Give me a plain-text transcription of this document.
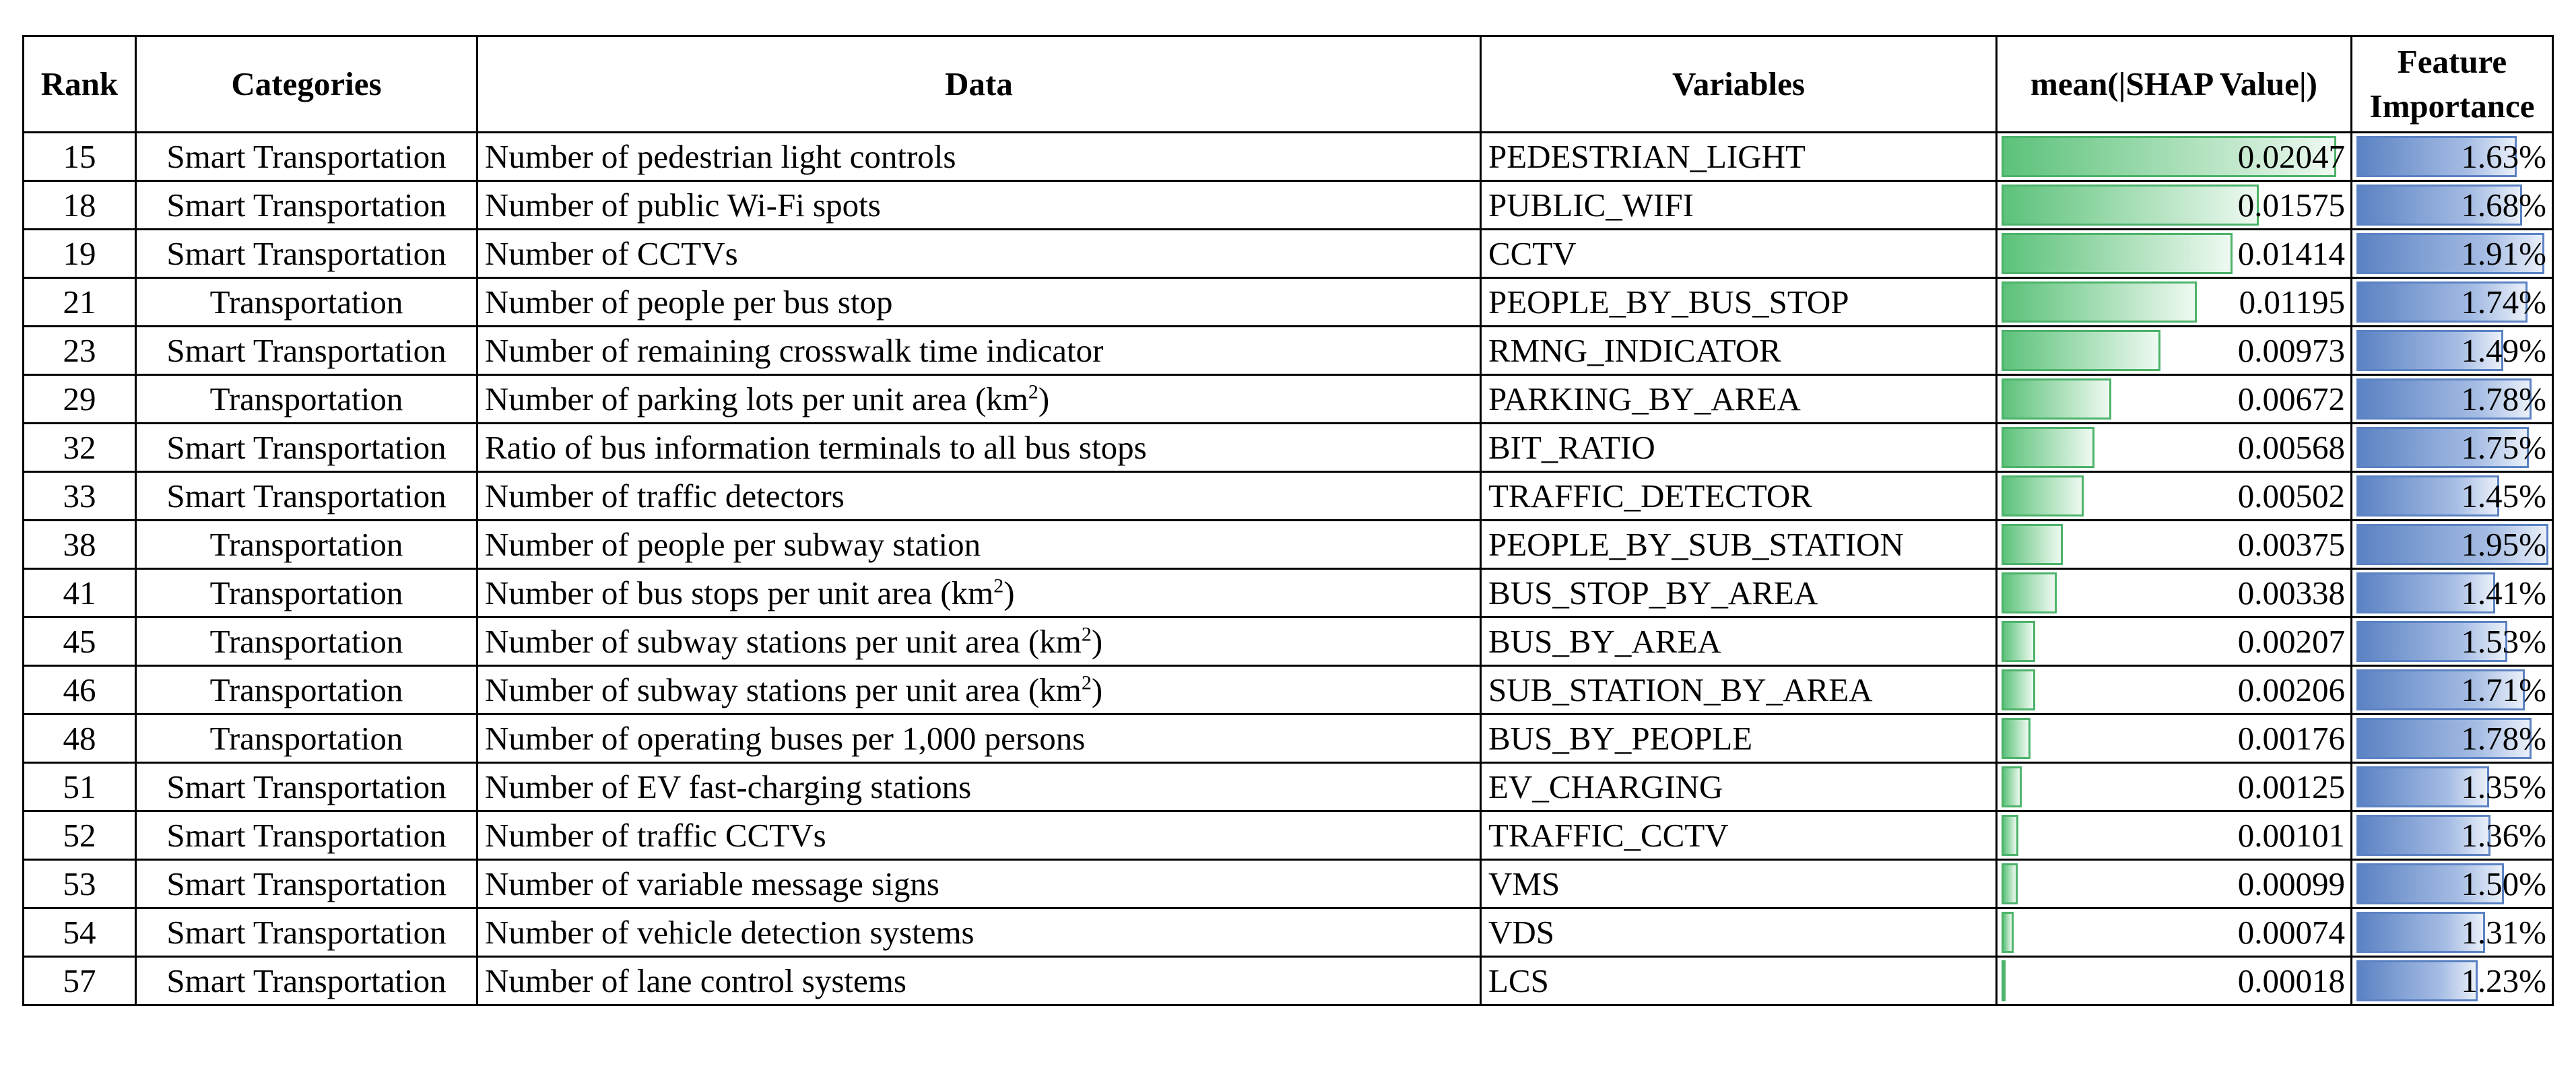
Rank	Categories	Data	Variables	mean(|SHAP Value|)	Feature Importance
15	Smart Transportation	Number of pedestrian light controls	PEDESTRIAN_LIGHT	0.02047	1.63%
18	Smart Transportation	Number of public Wi-Fi spots	PUBLIC_WIFI	0.01575	1.68%
19	Smart Transportation	Number of CCTVs	CCTV	0.01414	1.91%
21	Transportation	Number of people per bus stop	PEOPLE_BY_BUS_STOP	0.01195	1.74%
23	Smart Transportation	Number of remaining crosswalk time indicator	RMNG_INDICATOR	0.00973	1.49%
29	Transportation	Number of parking lots per unit area $(km^2)$	PARKING_BY_AREA	0.00672	1.78%
32	Smart Transportation	Ratio of bus information terminals to all bus stops	BIT_RATIO	0.00568	1.75%
33	Smart Transportation	Number of traffic detectors	TRAFFIC_DETECTOR	0.00502	1.45%
38	Transportation	Number of people per subway station	PEOPLE_BY_SUB_STATION	0.00375	1.95%
41	Transportation	Number of bus stops per unit area $(km^2)$	BUS_STOP_BY_AREA	0.00338	1.41%
45	Transportation	Number of subway stations per unit area $(km^2)$	BUS_BY_AREA	0.00207	1.53%
46	Transportation	Number of subway stations per unit area $(km^2)$	SUB_STATION_BY_AREA	0.00206	1.71%
48	Transportation	Number of operating buses per 1,000 persons	BUS_BY_PEOPLE	0.00176	1.78%
51	Smart Transportation	Number of EV fast-charging stations	EV_CHARGING	0.00125	1.35%
52	Smart Transportation	Number of traffic CCTVs	TRAFFIC_CCTV	0.00101	1.36%
53	Smart Transportation	Number of variable message signs	VMS	0.00099	1.50%
54	Smart Transportation	Number of vehicle detection systems	VDS	0.00074	1.31%
57	Smart Transportation	Number of lane control systems	LCS	0.00018	1.23%
